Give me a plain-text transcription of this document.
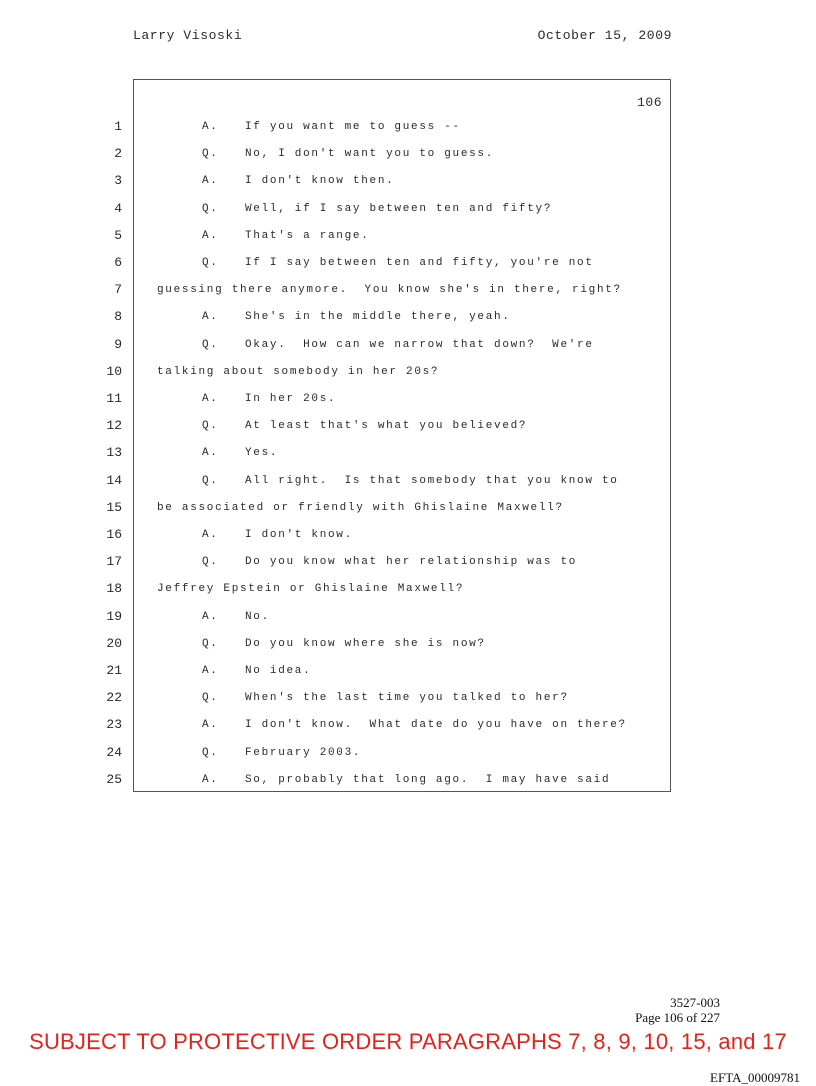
Larry Visoski	October 15, 2009
106
1	A. If you want me to guess --
2	Q. No, I don't want you to guess.
3	A. I don't know then.
4	Q. Well, if I say between ten and fifty?
5	A. That's a range.
6	Q. If I say between ten and fifty, you're not
7	guessing there anymore.  You know she's in there, right?
8	A. She's in the middle there, yeah.
9	Q. Okay.  How can we narrow that down?  We're
10	talking about somebody in her 20s?
11	A. In her 20s.
12	Q. At least that's what you believed?
13	A. Yes.
14	Q. All right.  Is that somebody that you know to
15	be associated or friendly with Ghislaine Maxwell?
16	A. I don't know.
17	Q. Do you know what her relationship was to
18	Jeffrey Epstein or Ghislaine Maxwell?
19	A. No.
20	Q. Do you know where she is now?
21	A. No idea.
22	Q. When's the last time you talked to her?
23	A. I don't know.  What date do you have on there?
24	Q. February 2003.
25	A. So, probably that long ago.  I may have said
3527-003
Page 106 of 227
SUBJECT TO PROTECTIVE ORDER PARAGRAPHS 7, 8, 9, 10, 15, and 17
EFTA_00009781
